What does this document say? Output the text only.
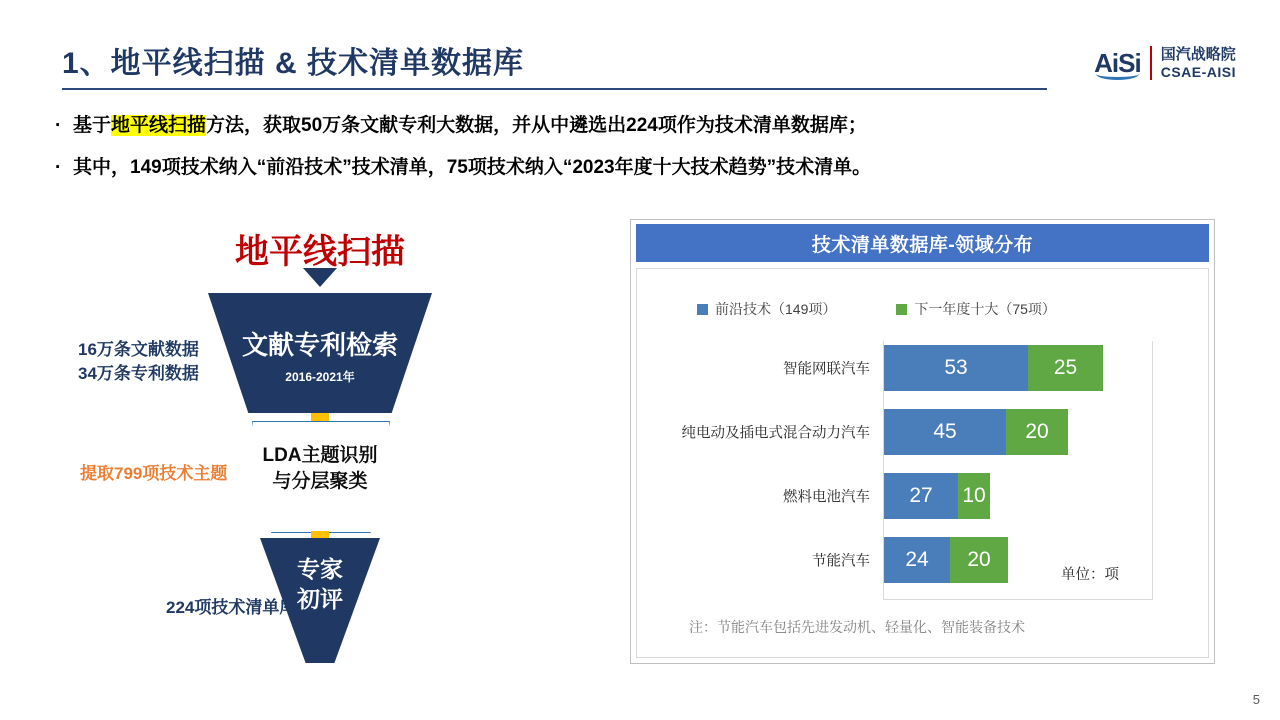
1、地平线扫描 & 技术清单数据库	AiSi 国汽战略院
CSAE-AISI
· 基于地平线扫描方法，获取50万条文献专利大数据，并从中遴选出224项作为技术清单数据库；
· 其中，149项技术纳入“前沿技术”技术清单，75项技术纳入“2023年度十大技术趋势”技术清单。
地平线扫描
文献专利检索
2016-2021年
LDA主题识别
与分层聚类
专家
初评
16万条文献数据
34万条专利数据
提取799项技术主题
224项技术清单库
技术清单数据库-领域分布
前沿技术（149项）	下一年度十大（75项）
智能网联汽车	53	25
纯电动及插电式混合动力汽车	45	20
燃料电池汽车	27	10
节能汽车	24	20
单位：项
注：节能汽车包括先进发动机、轻量化、智能装备技术
5
